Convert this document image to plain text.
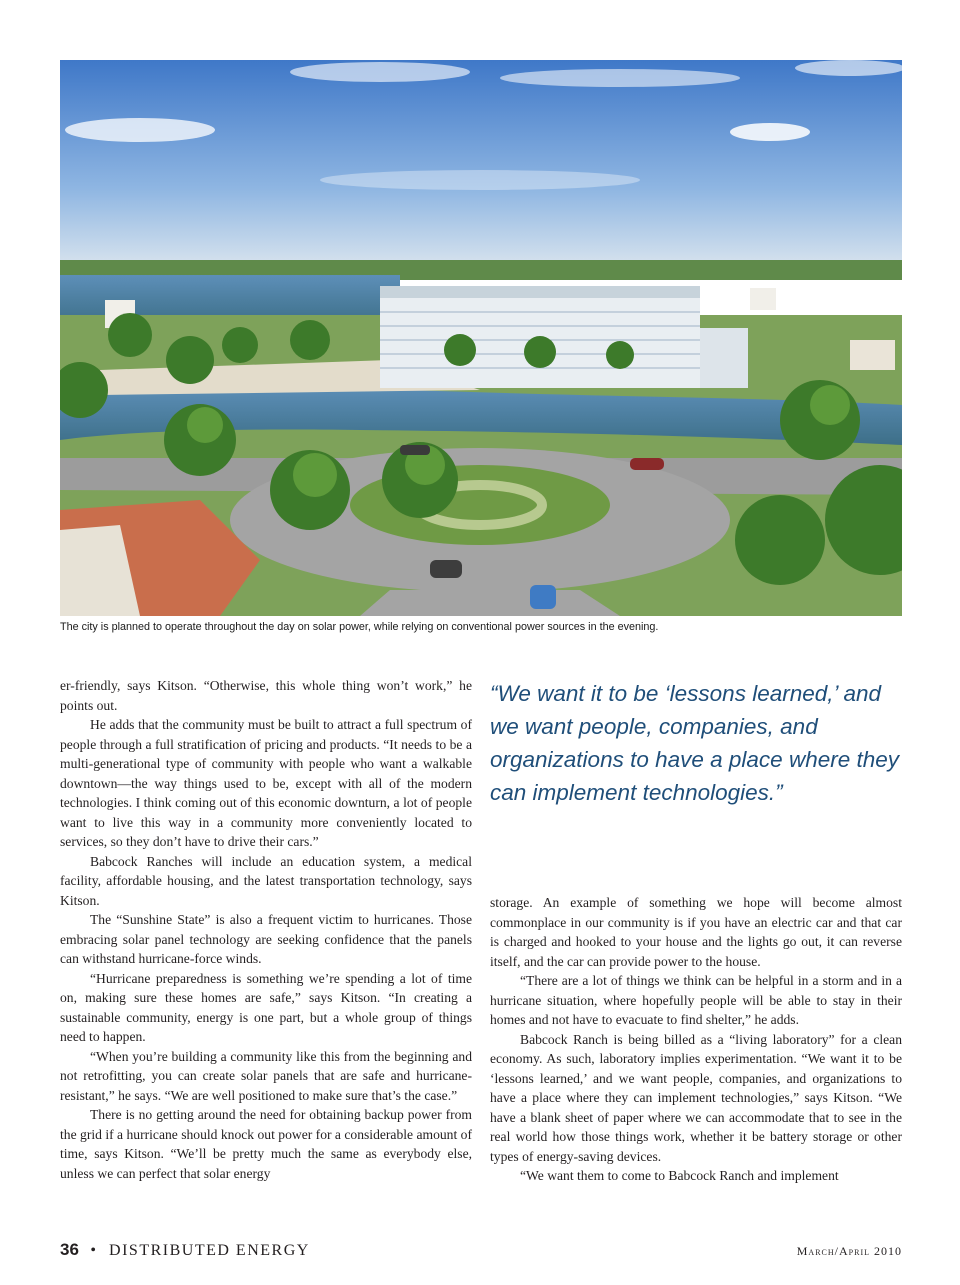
The city is planned to operate throughout the day on solar power, while relying on conventional power sources in the evening.

er-friendly, says Kitson. “Otherwise, this whole thing won’t work,” he points out.

He adds that the community must be built to attract a full spectrum of people through a full stratification of pricing and products. “It needs to be a multi-generational type of community with people who want a walkable downtown—the way things used to be, except with all of the modern technologies. I think coming out of this economic downturn, a lot of people want to live this way in a community more conveniently located to services, so they don’t have to drive their cars.”

Babcock Ranches will include an education system, a medical facility, affordable housing, and the latest transportation technology, says Kitson.

The “Sunshine State” is also a frequent victim to hurricanes. Those embracing solar panel technology are seeking confidence that the panels can withstand hurricane-force winds.

“Hurricane preparedness is something we’re spending a lot of time on, making sure these homes are safe,” says Kitson. “In creating a sustainable community, energy is one part, but a whole group of things need to happen.

“When you’re building a community like this from the beginning and not retrofitting, you can create solar panels that are safe and hurricane-resistant,” he says. “We are well positioned to make sure that’s the case.”

There is no getting around the need for obtaining backup power from the grid if a hurricane should knock out power for a considerable amount of time, says Kitson. “We’ll be pretty much the same as everybody else, unless we can perfect that solar energy

“We want it to be ‘lessons learned,’ and we want people, companies, and organizations to have a place where they can implement technologies.”

storage. An example of something we hope will become almost commonplace in our community is if you have an electric car and that car is charged and hooked to your house and the lights go out, it can reverse itself, and the car can provide power to the house.

“There are a lot of things we think can be helpful in a storm and in a hurricane situation, where hopefully people will be able to stay in their homes and not have to evacuate to find shelter,” he adds.

Babcock Ranch is being billed as a “living laboratory” for a clean economy. As such, laboratory implies experimentation. “We want it to be ‘lessons learned,’ and we want people, companies, and organizations to have a place where they can implement technologies,” says Kitson. “We have a blank sheet of paper where we can accommodate that to see in the real world how those things work, whether it be battery storage or other types of energy-saving devices.

“We want them to come to Babcock Ranch and implement

36 • DISTRIBUTED ENERGY	March/April 2010
